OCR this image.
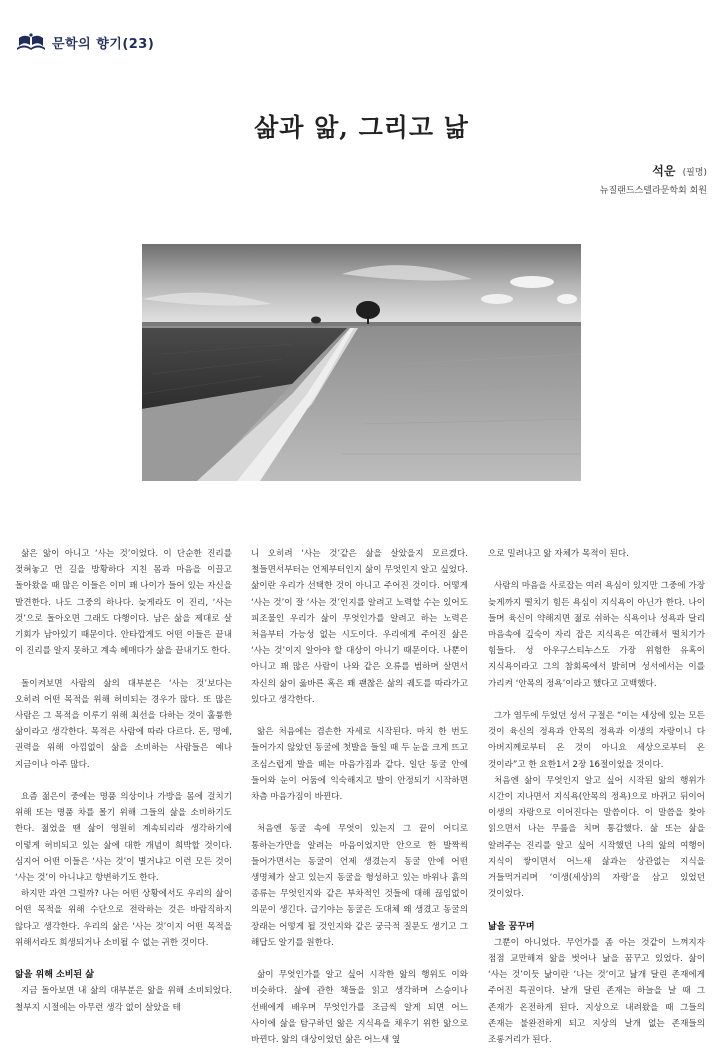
문학의 향기(23)
삶과 앎, 그리고 낢
석운 (필명)
뉴질랜드스텔라문학회 회원

삶은 앎이 아니고 ‘사는 것’이었다. 이 단순한 진리를 젖혀놓고 먼 길을 방황하다 지친 몸과 마음을 이끌고 돌아왔을 때 많은 이들은 이미 꽤 나이가 들어 있는 자신을 발견한다. 나도 그중의 하나다. 늦게라도 이 진리, ‘사는 것’으로 돌아오면 그래도 다행이다. 남은 삶을 제대로 살 기회가 남아있기 때문이다. 안타깝게도 어떤 이들은 끝내 이 진리를 알지 못하고 계속 헤매다가 삶을 끝내기도 한다.

돌이켜보면 사람의 삶의 대부분은 ‘사는 것’보다는 오히려 어떤 목적을 위해 허비되는 경우가 많다. 또 많은 사람은 그 목적을 이루기 위해 최선을 다하는 것이 훌륭한 삶이라고 생각한다. 목적은 사람에 따라 다르다. 돈, 명예, 권력을 위해 아낌없이 삶을 소비하는 사람들은 예나 지금이나 아주 많다.

요즘 젊은이 중에는 명품 의상이나 가방을 몸에 걸치기 위해 또는 명품 차를 몰기 위해 그들의 삶을 소비하기도 한다. 젊었을 땐 삶이 영원히 계속되리라 생각하기에 이렇게 허비되고 있는 삶에 대한 개념이 희박할 것이다. 심지어 어떤 이들은 ‘사는 것’이 별거냐고 이런 모든 것이 ‘사는 것’이 아니냐고 항변하기도 한다.

하지만 과연 그럴까? 나는 어떤 상황에서도 우리의 삶이 어떤 목적을 위해 수단으로 전락하는 것은 바람직하지 않다고 생각한다. 우리의 삶은 ‘사는 것’이지 어떤 목적을 위해서라도 희생되거나 소비될 수 없는 귀한 것이다.

앎을 위해 소비된 삶

지금 돌아보면 내 삶의 대부분은 앎을 위해 소비되었다. 철부지 시절에는 아무런 생각 없이 살았을 테

니 오히려 ‘사는 것’같은 삶을 살았을지 모르겠다. 철들면서부터는 언제부터인지 삶이 무엇인지 알고 싶었다. 삶이란 우리가 선택한 것이 아니고 주어진 것이다. 어떻게 ‘사는 것’이 잘 ‘사는 것’인지를 알려고 노력할 수는 있어도 피조물인 우리가 삶이 무엇인가를 알려고 하는 노력은 처음부터 가능성 없는 시도이다. 우리에게 주어진 삶은 ‘사는 것’이지 알아야 할 대상이 아니기 때문이다. 나뿐이 아니고 꽤 많은 사람이 나와 같은 오류를 범하며 살면서 자신의 삶이 옳바른 혹은 꽤 괜찮은 삶의 궤도를 따라가고 있다고 생각한다.

앎은 처음에는 겸손한 자세로 시작된다. 마치 한 번도 들어가지 않았던 동굴에 첫발을 들일 때 두 눈을 크게 뜨고 조심스럽게 발을 떼는 마음가짐과 같다. 일단 동굴 안에 들어와 눈이 어둠에 익숙해지고 발이 안정되기 시작하면 차츰 마음가짐이 바뀐다.

처음엔 동굴 속에 무엇이 있는지 그 끝이 어디로 통하는가만을 알려는 마음이었지만 안으로 한 발짝씩 들어가면서는 동굴이 언제 생겼는지 동굴 안에 어떤 생명체가 살고 있는지 동굴을 형성하고 있는 바위나 흙의 종류는 무엇인지와 같은 부차적인 것들에 대해 끊임없이 의문이 생긴다. 급기야는 동굴은 도대체 왜 생겼고 동굴의 장래는 어떻게 될 것인지와 같은 궁극적 질문도 생기고 그 해답도 알기를 원한다.

삶이 무엇인가를 알고 싶어 시작한 앎의 행위도 이와 비슷하다. 삶에 관한 책들을 읽고 생각하며 스승이나 선배에게 배우며 무엇인가를 조금씩 알게 되면 어느 사이에 삶을 탐구하던 앎은 지식욕을 채우기 위한 앎으로 바뀐다. 앎의 대상이었던 삶은 어느새 옆

으로 밀려나고 앎 자체가 목적이 된다.

사람의 마음을 사로잡는 여러 욕심이 있지만 그중에 가장 늦게까지 떨치기 힘든 욕심이 지식욕이 아닌가 한다. 나이 들며 육신이 약해지면 젊로 쉬하는 식욕이나 성욕과 달리 마음속에 깊숙이 자리 잡은 지식욕은 여간해서 떨치기가 힘들다. 성 아우구스티누스도 가장 위험한 유혹이 지식욕이라고 그의 참회록에서 밝히며 성서에서는 이를 가리켜 ‘안목의 정욕’이라고 했다고 고백했다.

그가 염두에 두었던 성서 구절은 “이는 세상에 있는 모든 것이 육신의 정욕과 안목의 정욕과 이생의 자랑이니 다 아버지께로부터 온 것이 아니요 세상으로부터 온 것이라”고 한 요한1서 2장 16절이었을 것이다.

처음엔 삶이 무엇인지 알고 싶어 시작된 앎의 행위가 시간이 지나면서 지식욕(안목의 정욕)으로 바뀌고 뒤이어 이생의 자랑으로 이어진다는 말씀이다. 이 말씀을 찾아 읽으면서 나는 무릎을 치며 통감했다. 삶 또는 삶을 알려주는 진리를 알고 싶어 시작했던 나의 앎의 여행이 지식이 쌓이면서 어느새 삶과는 상관없는 지식을 거들먹거리며 ‘이생(세상)의 자랑’을 삼고 있었던 것이었다.

낢을 꿈꾸며

그뿐이 아니었다. 무언가를 좀 아는 것같이 느껴지자 점점 교만해져 앎을 벗어나 낢을 꿈꾸고 있었다. 삶이 ‘사는 것’이듯 낢이란 ‘나는 것’이고 낢개 달린 존재에게 주어진 특권이다. 날개 달린 존재는 하늘을 날 때 그 존재가 온전하게 된다. 지상으로 내려왔을 때 그들의 존재는 불완전하게 되고 지상의 날개 없는 존재들의 조롱거리가 된다.
